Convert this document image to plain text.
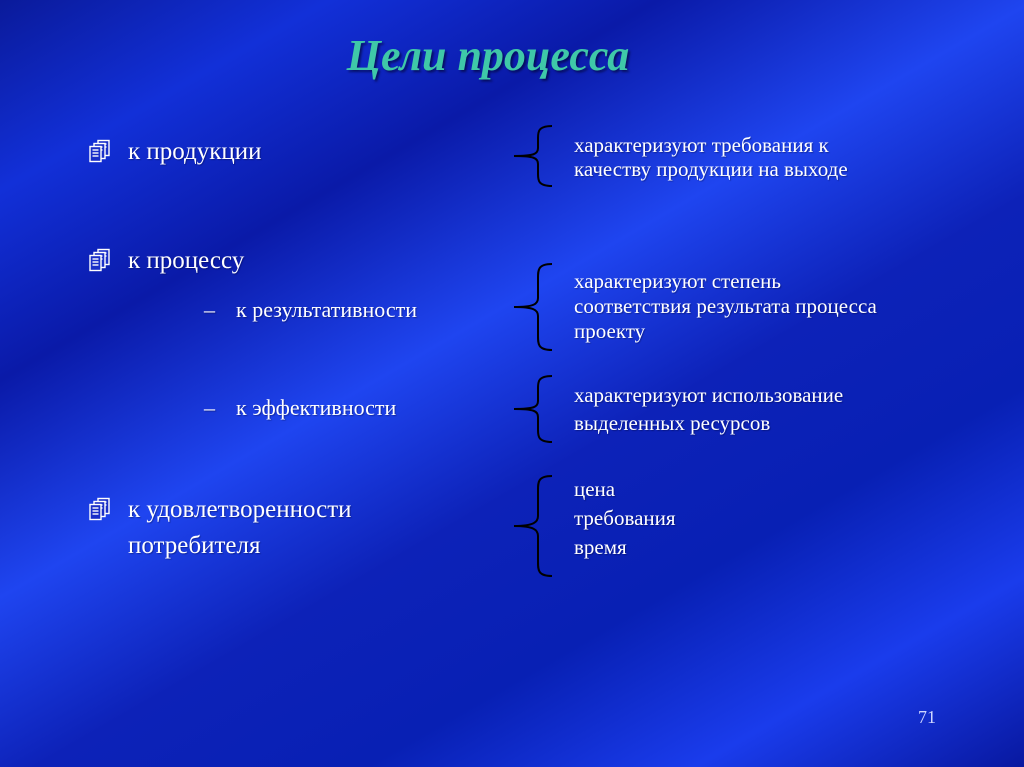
Цели процесса
к продукции
к процессу
– к результативности
– к эффективности
к удовлетворенности потребителя
характеризуют требования к
качеству продукции на выходе
характеризуют степень
соответствия результата процесса
проекту
характеризуют использование
выделенных ресурсов
цена
требования
время
71
